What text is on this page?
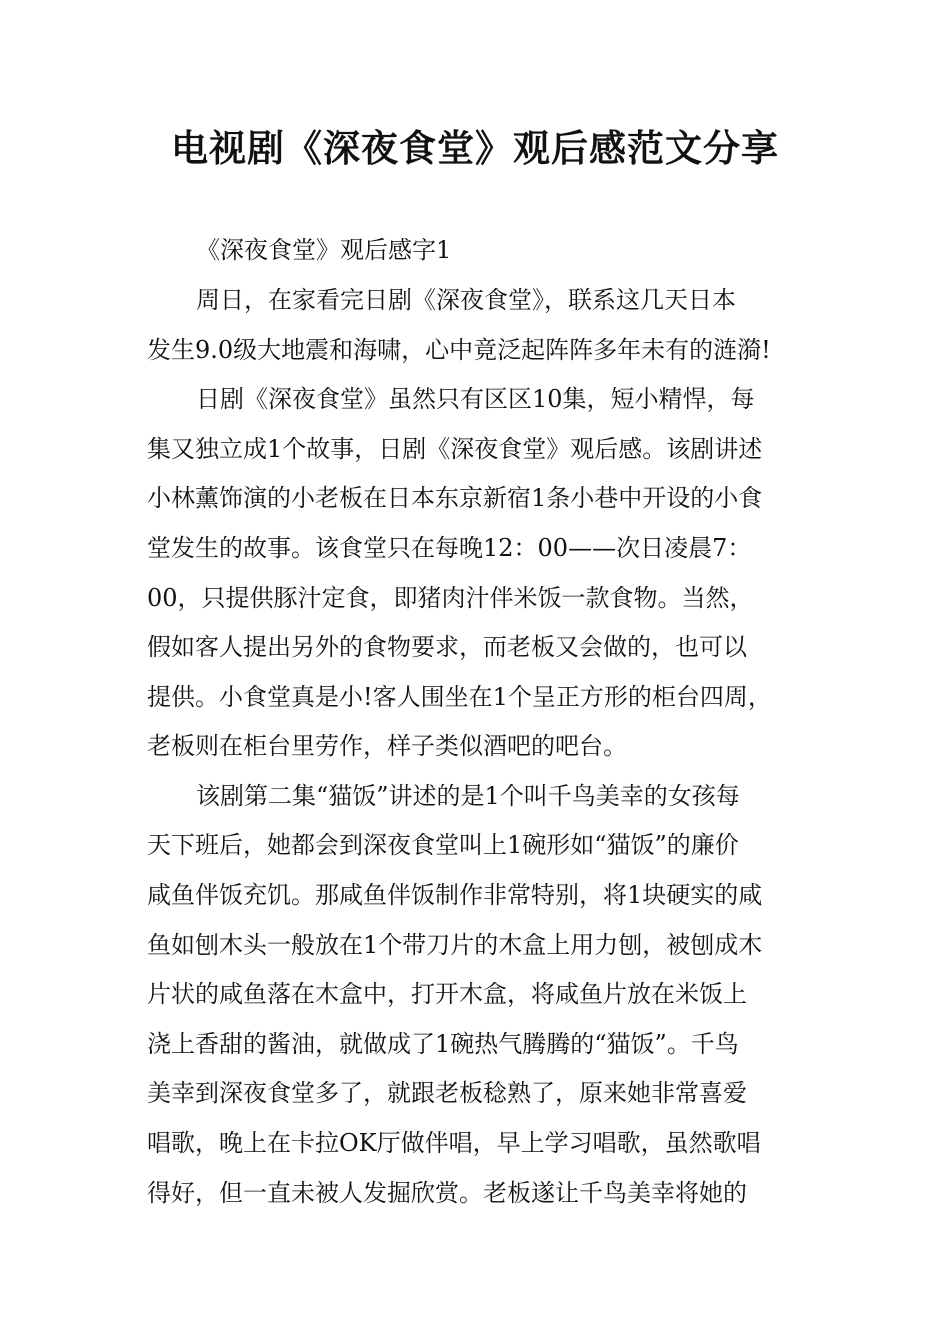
电视剧《深夜食堂》观后感范文分享

《深夜食堂》观后感字1

周日，在家看完日剧《深夜食堂》，联系这几天日本

发生9.0级大地震和海啸，心中竟泛起阵阵多年未有的涟漪!

日剧《深夜食堂》虽然只有区区10集，短小精悍，每

集又独立成1个故事，日剧《深夜食堂》观后感。该剧讲述

小林薰饰演的小老板在日本东京新宿1条小巷中开设的小食

堂发生的故事。该食堂只在每晚12：00——次日凌晨7：

00，只提供豚汁定食，即猪肉汁伴米饭一款食物。当然，

假如客人提出另外的食物要求，而老板又会做的，也可以

提供。小食堂真是小!客人围坐在1个呈正方形的柜台四周，

老板则在柜台里劳作，样子类似酒吧的吧台。

该剧第二集“猫饭”讲述的是1个叫千鸟美幸的女孩每

天下班后，她都会到深夜食堂叫上1碗形如“猫饭”的廉价

咸鱼伴饭充饥。那咸鱼伴饭制作非常特别，将1块硬实的咸

鱼如刨木头一般放在1个带刀片的木盒上用力刨，被刨成木

片状的咸鱼落在木盒中，打开木盒，将咸鱼片放在米饭上

浇上香甜的酱油，就做成了1碗热气腾腾的“猫饭”。千鸟

美幸到深夜食堂多了，就跟老板稔熟了，原来她非常喜爱

唱歌，晚上在卡拉OK厅做伴唱，早上学习唱歌，虽然歌唱

得好，但一直未被人发掘欣赏。老板遂让千鸟美幸将她的
